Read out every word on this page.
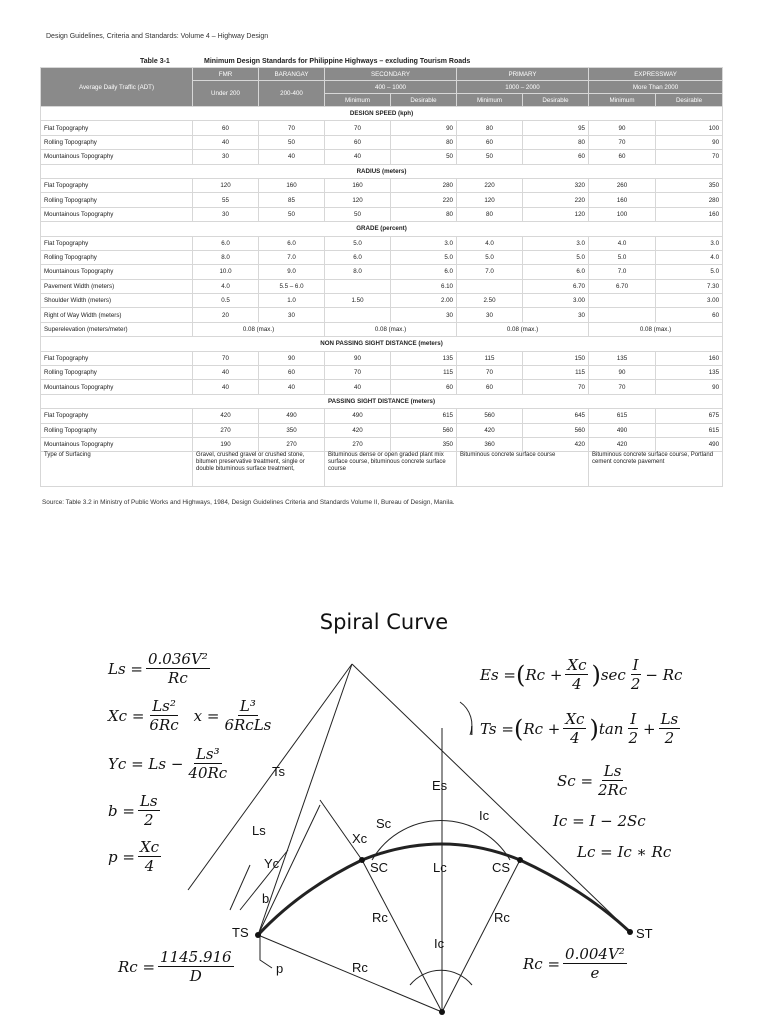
Design Guidelines, Criteria and Standards: Volume 4 – Highway Design
Table 3-1	Minimum Design Standards for Philippine Highways – excluding Tourism Roads
Average Daily Traffic (ADT)	FMR	BARANGAY	SECONDARY		PRIMARY		EXPRESSWAY	
	Under 200	200-400	400 – 1000		1000 – 2000		More Than 2000	
			Minimum	Desirable	Minimum	Desirable	Minimum	Desirable
DESIGN SPEED (kph)								
Flat Topography	60	70	70	90	80	95	90	100
Rolling Topography	40	50	60	80	60	80	70	90
Mountainous Topography	30	40	40	50	50	60	60	70
RADIUS (meters)								
Flat Topography	120	160	160	280	220	320	260	350
Rolling Topography	55	85	120	220	120	220	160	280
Mountainous Topography	30	50	50	80	80	120	100	160
GRADE (percent)								
Flat Topography	6.0	6.0	5.0	3.0	4.0	3.0	4.0	3.0
Rolling Topography	8.0	7.0	6.0	5.0	5.0	5.0	5.0	4.0
Mountainous Topography	10.0	9.0	8.0	6.0	7.0	6.0	7.0	5.0
Pavement Width (meters)	4.0	5.5 – 6.0		6.10		6.70	6.70	7.30
Shoulder Width (meters)	0.5	1.0	1.50	2.00	2.50	3.00		3.00
Right of Way Width (meters)	20	30		30	30	30		60
Superelevation (meters/meter)	0.08 (max.)		0.08 (max.)		0.08 (max.)		0.08 (max.)	
NON PASSING SIGHT DISTANCE (meters)								
Flat Topography	70	90	90	135	115	150	135	160
Rolling Topography	40	60	70	115	70	115	90	135
Mountainous Topography	40	40	40	60	60	70	70	90
PASSING SIGHT DISTANCE (meters)								
Flat Topography	420	490	490	615	560	645	615	675
Rolling Topography	270	350	420	560	420	560	490	615
Mountainous Topography	190	270	270	350	360	420	420	490
Type of Surfacing	Gravel, crushed gravel or crushed stone, bitumen preservative treatment, single or double bituminous surface treatment,		Bituminous dense or open graded plant mix surface course, bituminous concrete surface course		Bituminous concrete surface course		Bituminous concrete surface course, Portland cement concrete pavement	
Source: Table 3.2 in Ministry of Public Works and Highways, 1984, Design Guidelines Criteria and Standards Volume II, Bureau of Design, Manila.
Spiral Curve
TS	ST
SC	CS
Ts
Es
Ls
Xc
Yc
Sc
Ic
Lc
b
Rc	Rc
Ic
Rc
p
I
$Ls = \frac{\text{0.036V²}}{Rc}$
$Xc = \frac{\text{Ls²}}{6Rc}$ x =
L³
6RcLs
$Yc = Ls - \frac{\text{Ls³}}{40Rc}$
$b = \frac{Ls}{2}$
$p = \frac{Xc}{4}$
$Rc = \frac{1145.916}{D}$
Es = ( $Rc + \frac{Xc}{4}$ ) $\sec \frac{I}{2} - Rc$
Ts = ( $Rc + \frac{Xc}{4}$ ) $\tan \frac{I}{2} + \frac{Ls}{2}$
$Sc = \frac{Ls}{2Rc}$
Ic = I − 2Sc
Lc = Ic ∗ Rc
$Rc = \frac{\text{0.004V²}}{e}$
